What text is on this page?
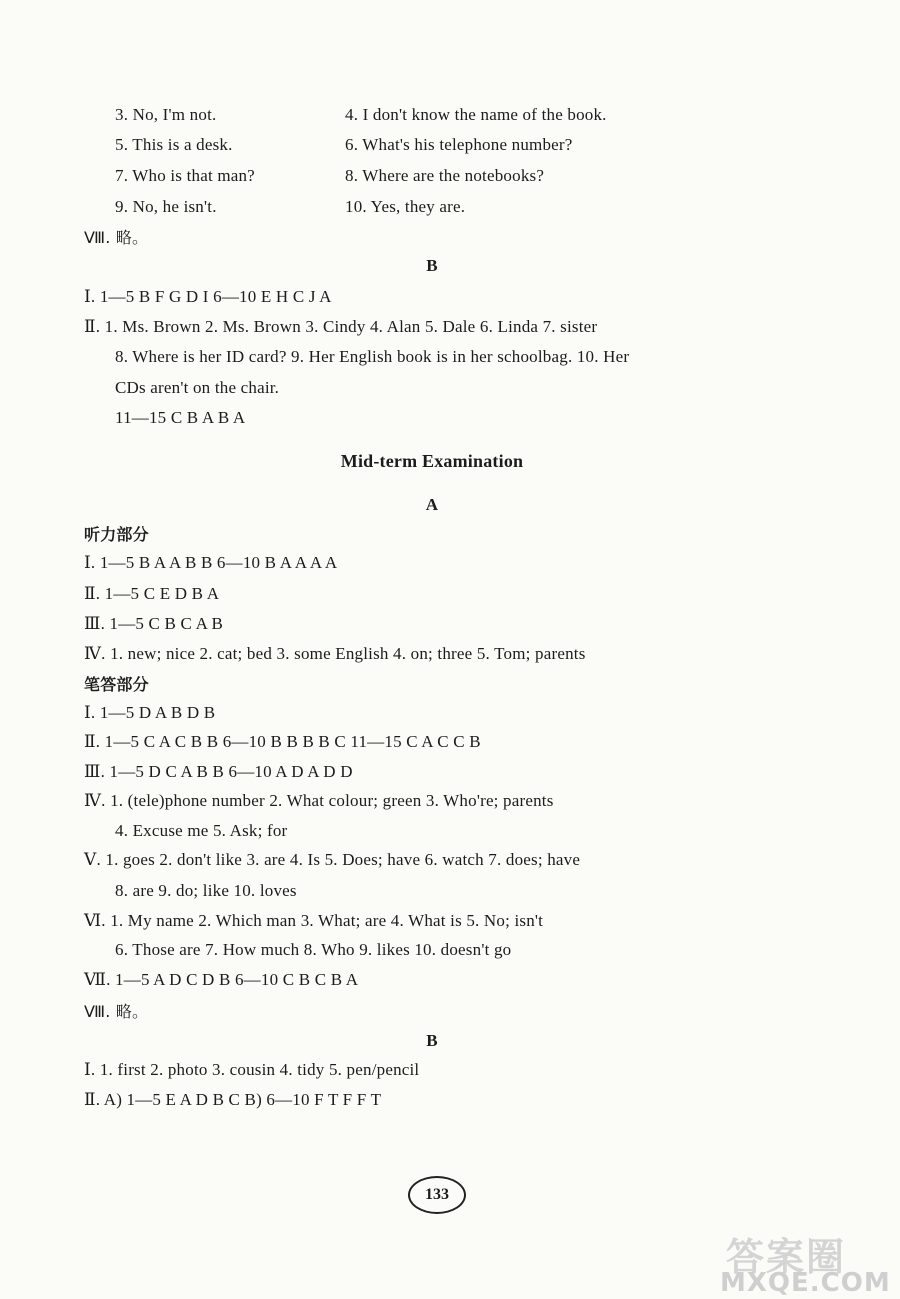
3. No, I'm not.	4. I don't know the name of the book.
5. This is a desk.	6. What's his telephone number?
7. Who is that man?	8. Where are the notebooks?
9. No, he isn't.	10. Yes, they are.
Ⅷ. 略。
B
Ⅰ. 1—5 B F G D I 6—10 E H C J A
Ⅱ. 1. Ms. Brown 2. Ms. Brown 3. Cindy 4. Alan 5. Dale 6. Linda 7. sister
8. Where is her ID card? 9. Her English book is in her schoolbag. 10. Her
CDs aren't on the chair.
11—15 C B A B A
Mid-term Examination
A
听力部分
Ⅰ. 1—5 B A A B B 6—10 B A A A A
Ⅱ. 1—5 C E D B A
Ⅲ. 1—5 C B C A B
Ⅳ. 1. new; nice 2. cat; bed 3. some English 4. on; three 5. Tom; parents
笔答部分
Ⅰ. 1—5 D A B D B
Ⅱ. 1—5 C A C B B 6—10 B B B B C 11—15 C A C C B
Ⅲ. 1—5 D C A B B 6—10 A D A D D
Ⅳ. 1. (tele)phone number 2. What colour; green 3. Who're; parents
4. Excuse me 5. Ask; for
Ⅴ. 1. goes 2. don't like 3. are 4. Is 5. Does; have 6. watch 7. does; have
8. are 9. do; like 10. loves
Ⅵ. 1. My name 2. Which man 3. What; are 4. What is 5. No; isn't
6. Those are 7. How much 8. Who 9. likes 10. doesn't go
Ⅶ. 1—5 A D C D B 6—10 C B C B A
Ⅷ. 略。
B
Ⅰ. 1. first 2. photo 3. cousin 4. tidy 5. pen/pencil
Ⅱ. A) 1—5 E A D B C B) 6—10 F T F F T
133
答案圈
MXQE.COM
